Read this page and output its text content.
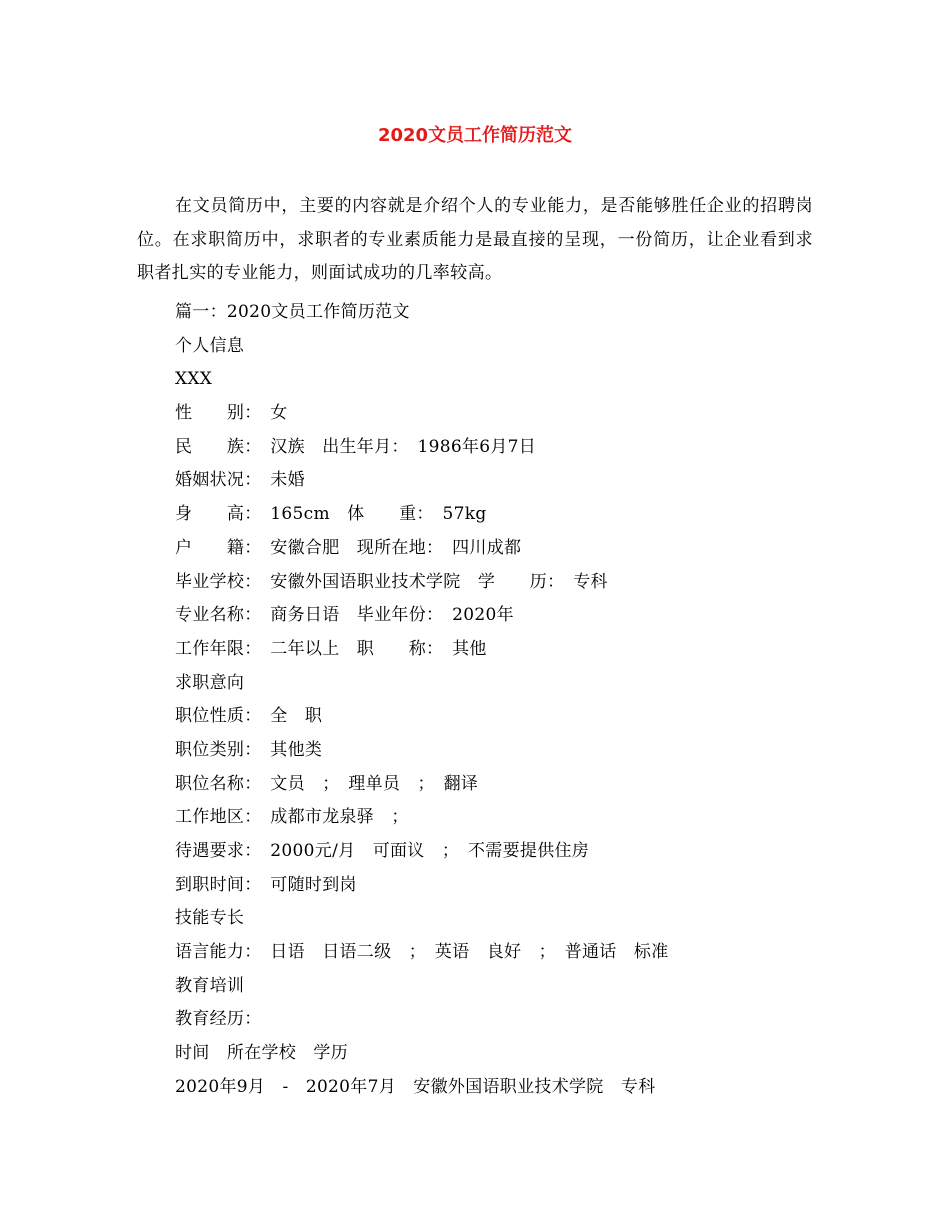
2020文员工作简历范文
在文员简历中，主要的内容就是介绍个人的专业能力，是否能够胜任企业的招聘岗位。在求职简历中，求职者的专业素质能力是最直接的呈现，一份简历，让企业看到求职者扎实的专业能力，则面试成功的几率较高。
篇一：2020文员工作简历范文
个人信息
XXX
性　　别：　女
民　　族：　汉族　出生年月：　1986年6月7日
婚姻状况：　未婚
身　　高：　165cm　体　　重：　57kg
户　　籍：　安徽合肥　现所在地：　四川成都
毕业学校：　安徽外国语职业技术学院　学　　历：　专科
专业名称：　商务日语　毕业年份：　2020年
工作年限：　二年以上　职　　称：　其他
求职意向
职位性质：　全　职
职位类别：　其他类
职位名称：　文员　；　理单员　；　翻译
工作地区：　成都市龙泉驿　；
待遇要求：　2000元/月　可面议　；　不需要提供住房
到职时间：　可随时到岗
技能专长
语言能力：　日语　日语二级　；　英语　良好　；　普通话　标准
教育培训
教育经历：
时间　所在学校　学历
2020年9月　-　2020年7月　安徽外国语职业技术学院　专科
